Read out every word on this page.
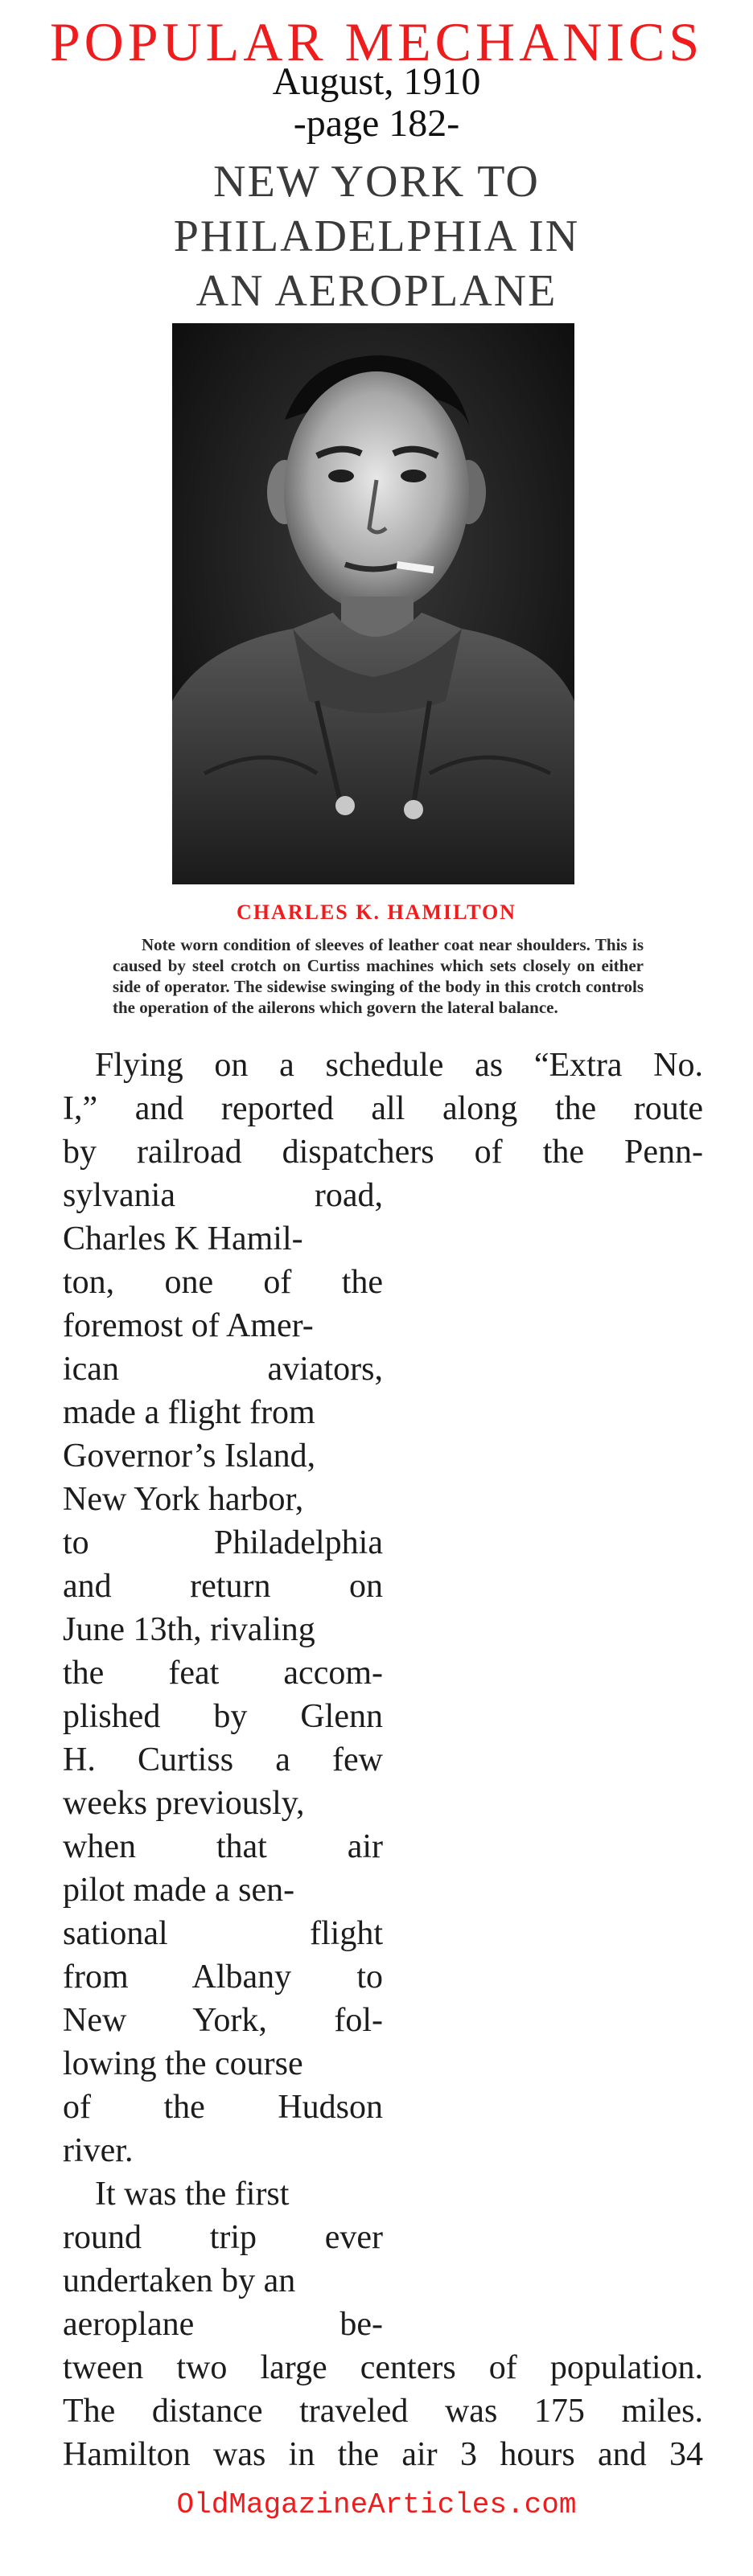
POPULAR MECHANICS
August, 1910
-page 182-
NEW YORK TO
PHILADELPHIA IN
AN AEROPLANE
CHARLES K. HAMILTON
Note worn condition of sleeves of leather coat near shoulders. This is caused by steel crotch on Curtiss machines which sets closely on either side of operator. The sidewise swinging of the body in this crotch controls the operation of the ailerons which govern the lateral balance.
Flying on a schedule as “Extra No.
I,” and reported all along the route
by railroad dispatchers of the Penn-
sylvania road,
Charles K Hamil-
ton, one of the
foremost of Amer-
ican aviators,
made a flight from
Governor’s Island,
New York harbor,
to Philadelphia
and return on
June 13th, rivaling
the feat accom-
plished by Glenn
H. Curtiss a few
weeks previously,
when that air
pilot made a sen-
sational flight
from Albany to
New York, fol-
lowing the course
of the Hudson
river.
It was the first
round trip ever
undertaken by an
aeroplane be-
tween two large centers of population.
The distance traveled was 175 miles.
Hamilton was in the air 3 hours and 34
OldMagazineArticles.com
